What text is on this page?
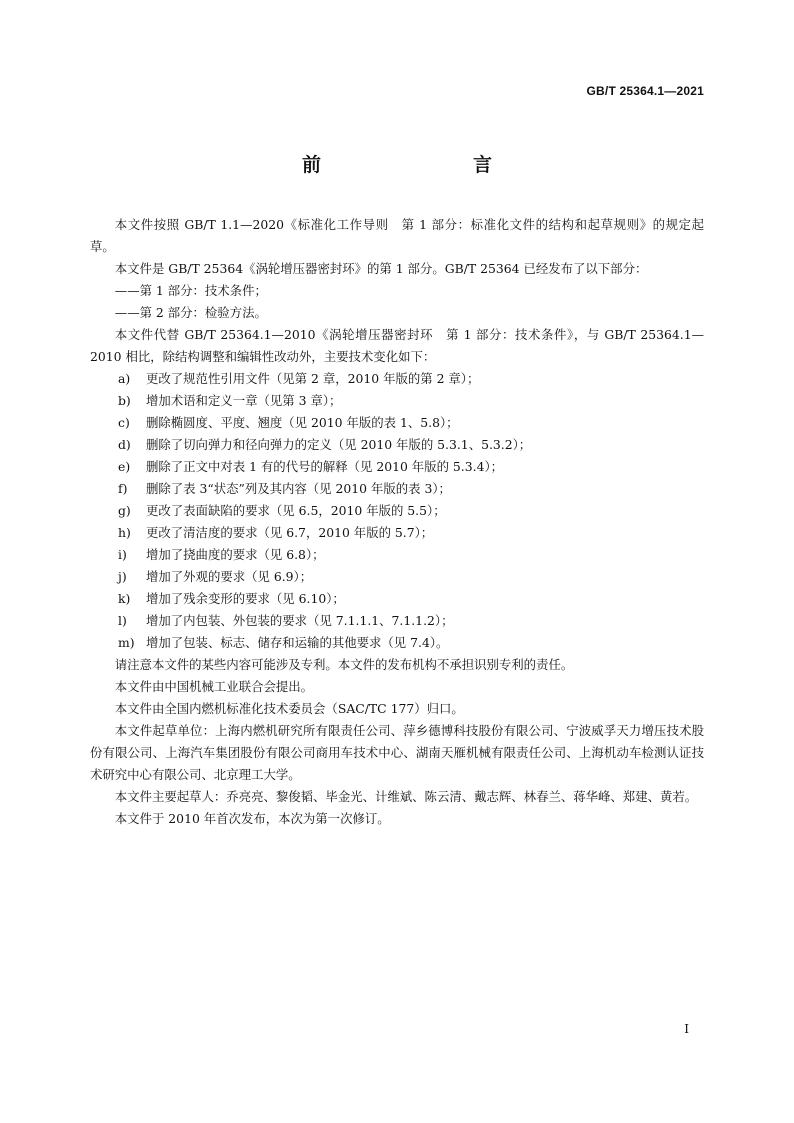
GB/T 25364.1—2021
前　　言

本文件按照 GB/T 1.1—2020《标准化工作导则　第 1 部分：标准化文件的结构和起草规则》的规定起草。

本文件是 GB/T 25364《涡轮增压器密封环》的第 1 部分。GB/T 25364 已经发布了以下部分：

——第 1 部分：技术条件；

——第 2 部分：检验方法。

本文件代替 GB/T 25364.1—2010《涡轮增压器密封环　第 1 部分：技术条件》，与 GB/T 25364.1—2010 相比，除结构调整和编辑性改动外，主要技术变化如下：

a) 更改了规范性引用文件（见第 2 章，2010 年版的第 2 章）；

b) 增加术语和定义一章（见第 3 章）；

c) 删除椭圆度、平度、翘度（见 2010 年版的表 1、5.8）；

d) 删除了切向弹力和径向弹力的定义（见 2010 年版的 5.3.1、5.3.2）；

e) 删除了正文中对表 1 有的代号的解释（见 2010 年版的 5.3.4）；

f) 删除了表 3“状态”列及其内容（见 2010 年版的表 3）；

g) 更改了表面缺陷的要求（见 6.5，2010 年版的 5.5）；

h) 更改了清洁度的要求（见 6.7，2010 年版的 5.7）；

i) 增加了挠曲度的要求（见 6.8）；

j) 增加了外观的要求（见 6.9）；

k) 增加了残余变形的要求（见 6.10）；

l) 增加了内包装、外包装的要求（见 7.1.1.1、7.1.1.2）；

m) 增加了包装、标志、储存和运输的其他要求（见 7.4）。

请注意本文件的某些内容可能涉及专利。本文件的发布机构不承担识别专利的责任。

本文件由中国机械工业联合会提出。

本文件由全国内燃机标准化技术委员会（SAC/TC 177）归口。

本文件起草单位：上海内燃机研究所有限责任公司、萍乡德博科技股份有限公司、宁波威孚天力增压技术股份有限公司、上海汽车集团股份有限公司商用车技术中心、湖南天雁机械有限责任公司、上海机动车检测认证技术研究中心有限公司、北京理工大学。

本文件主要起草人：乔亮亮、黎俊韬、毕金光、计维斌、陈云清、戴志辉、林春兰、蒋华峰、郑建、黄若。

本文件于 2010 年首次发布，本次为第一次修订。

I
